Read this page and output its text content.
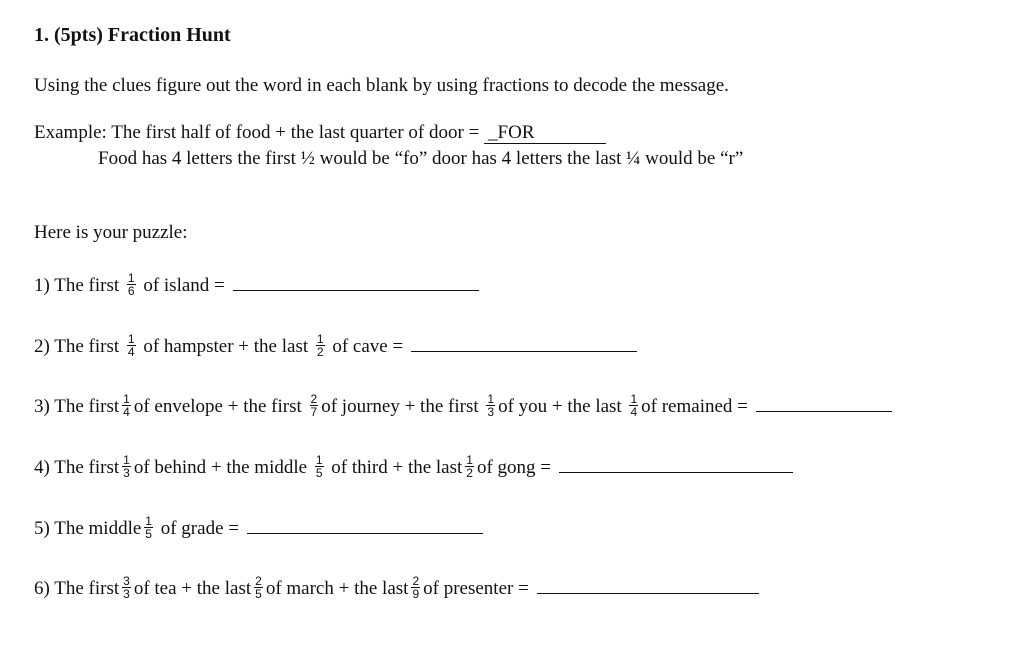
1. (5pts) Fraction Hunt
Using the clues figure out the word in each blank by using fractions to decode the message.
Example: The first half of food + the last quarter of door = _FOR
Food has 4 letters the first ½ would be “fo” door has 4 letters the last ¼ would be “r”
Here is your puzzle:
1) The first $\frac{1}{6}$ of island =
2) The first $\frac{1}{4}$ of hampster + the last $\frac{1}{2}$ of cave =
3) The first $\frac{1}{4}$ of envelope + the first $\frac{2}{7}$ of journey + the first $\frac{1}{3}$ of you + the last $\frac{1}{4}$ of remained =
4) The first $\frac{1}{3}$ of behind + the middle $\frac{1}{5}$ of third + the last $\frac{1}{2}$ of gong =
5) The middle $\frac{1}{5}$ of grade =
6) The first $\frac{3}{3}$ of tea + the last $\frac{2}{5}$ of march + the last $\frac{2}{9}$ of presenter =
